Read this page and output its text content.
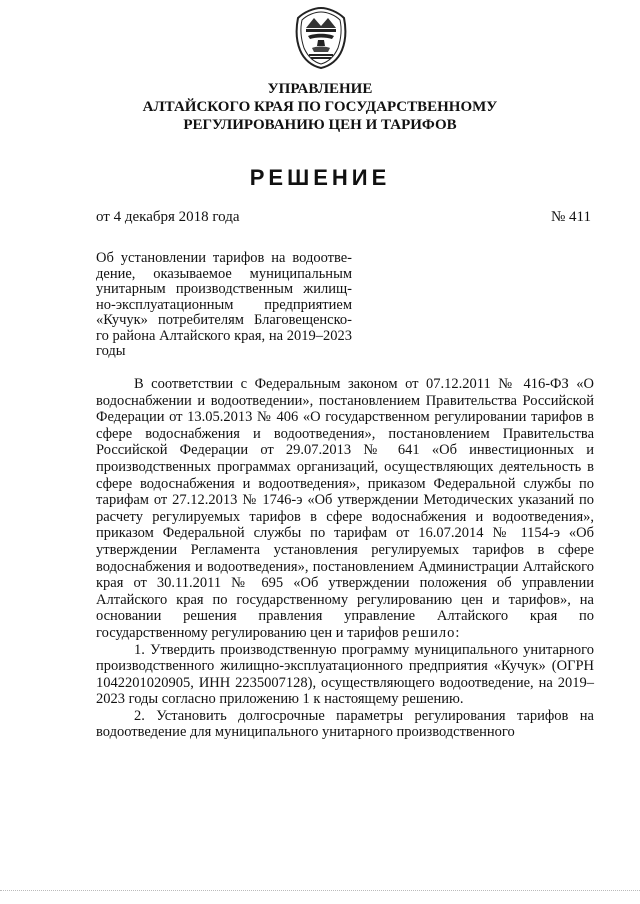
УПРАВЛЕНИЕ
АЛТАЙСКОГО КРАЯ ПО ГОСУДАРСТВЕННОМУ
РЕГУЛИРОВАНИЮ ЦЕН И ТАРИФОВ
РЕШЕНИЕ
от 4 декабря 2018 года	№ 411
Об установлении тарифов на водоотве-дение, оказываемое муниципальным унитарным производственным жилищ-но-эксплуатационным предприятием «Кучук» потребителям Благовещенско-го района Алтайского края, на 2019–2023 годы

В соответствии с Федеральным законом от 07.12.2011 № 416-ФЗ «О водоснабжении и водоотведении», постановлением Правительства Российской Федерации от 13.05.2013 № 406 «О государственном регулировании тарифов в сфере водоснабжения и водоотведения», постановлением Правительства Российской Федерации от 29.07.2013 № 641 «Об инвестиционных и производственных программах организаций, осуществляющих деятельность в сфере водоснабжения и водоотведения», приказом Федеральной службы по тарифам от 27.12.2013 № 1746-э «Об утверждении Методических указаний по расчету регулируемых тарифов в сфере водоснабжения и водоотведения», приказом Федеральной службы по тарифам от 16.07.2014 № 1154-э «Об утверждении Регламента установления регулируемых тарифов в сфере водоснабжения и водоотведения», постановлением Администрации Алтайского края от 30.11.2011 № 695 «Об утверждении положения об управлении Алтайского края по государственному регулированию цен и тарифов», на основании решения правления управление Алтайского края по государственному регулированию цен и тарифов решило:

1. Утвердить производственную программу муниципального унитарного производственного жилищно-эксплуатационного предприятия «Кучук» (ОГРН 1042201020905, ИНН 2235007128), осуществляющего водоотведение, на 2019–2023 годы согласно приложению 1 к настоящему решению.

2. Установить долгосрочные параметры регулирования тарифов на водоотведение для муниципального унитарного производственного
